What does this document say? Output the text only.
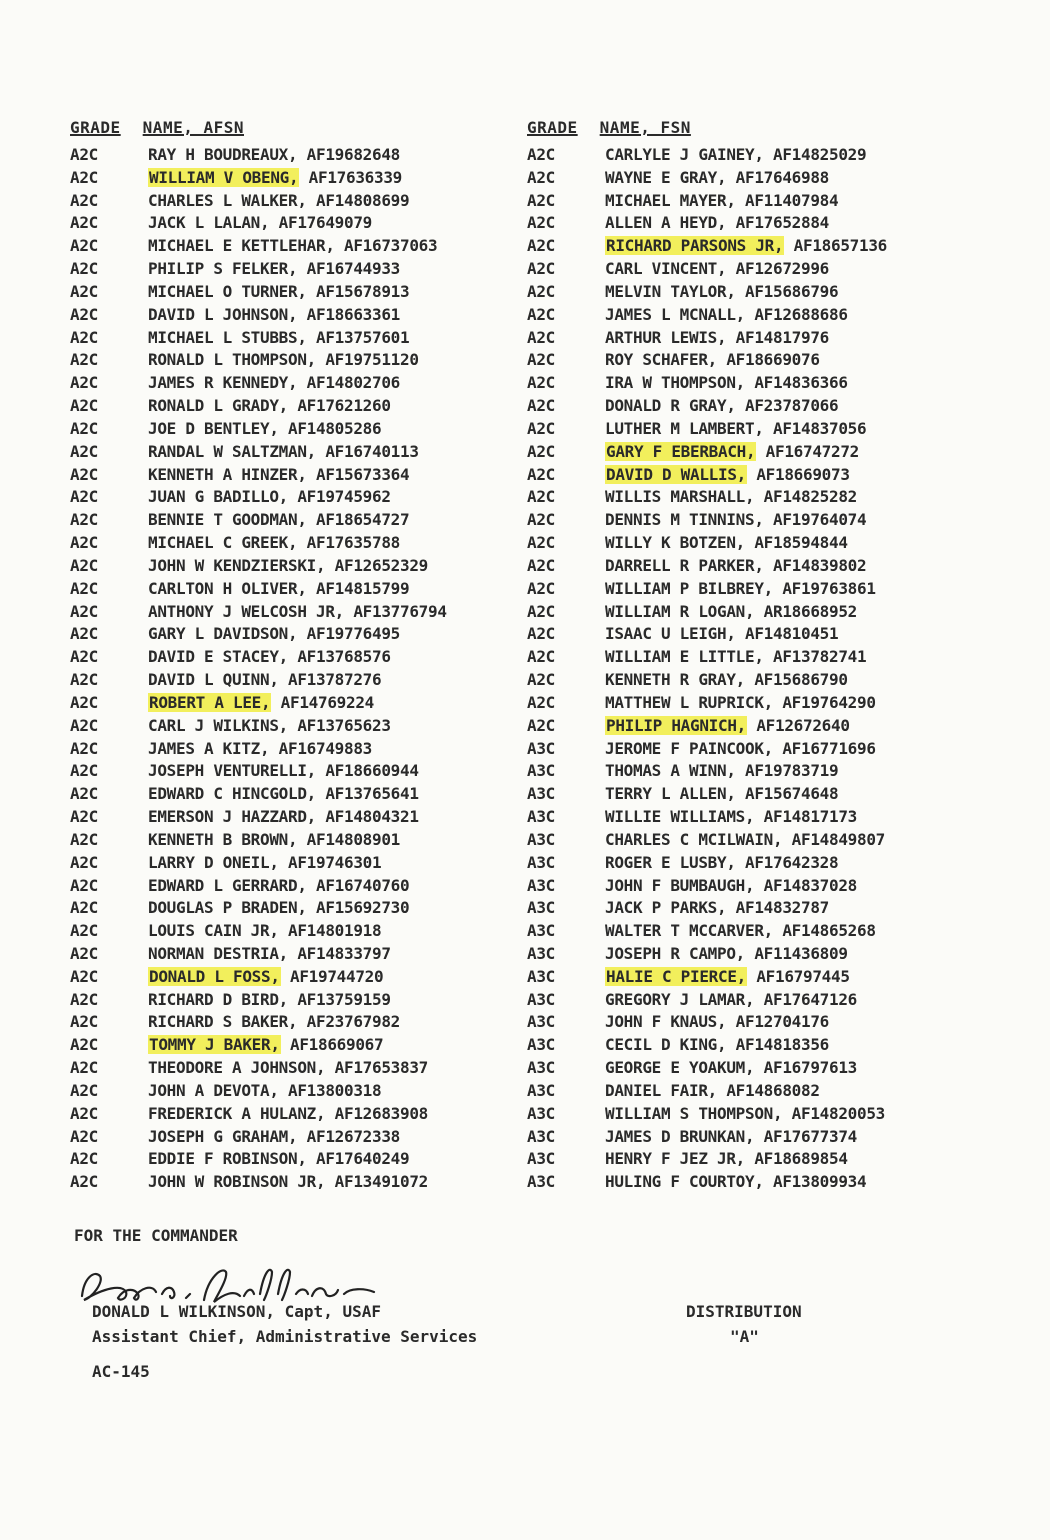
GRADE NAME, AFSN
A2C	RAY H BOUDREAUX, AF19682648
A2C	WILLIAM V OBENG, AF17636339
A2C	CHARLES L WALKER, AF14808699
A2C	JACK L LALAN, AF17649079
A2C	MICHAEL E KETTLEHAR, AF16737063
A2C	PHILIP S FELKER, AF16744933
A2C	MICHAEL O TURNER, AF15678913
A2C	DAVID L JOHNSON, AF18663361
A2C	MICHAEL L STUBBS, AF13757601
A2C	RONALD L THOMPSON, AF19751120
A2C	JAMES R KENNEDY, AF14802706
A2C	RONALD L GRADY, AF17621260
A2C	JOE D BENTLEY, AF14805286
A2C	RANDAL W SALTZMAN, AF16740113
A2C	KENNETH A HINZER, AF15673364
A2C	JUAN G BADILLO, AF19745962
A2C	BENNIE T GOODMAN, AF18654727
A2C	MICHAEL C GREEK, AF17635788
A2C	JOHN W KENDZIERSKI, AF12652329
A2C	CARLTON H OLIVER, AF14815799
A2C	ANTHONY J WELCOSH JR, AF13776794
A2C	GARY L DAVIDSON, AF19776495
A2C	DAVID E STACEY, AF13768576
A2C	DAVID L QUINN, AF13787276
A2C	ROBERT A LEE, AF14769224
A2C	CARL J WILKINS, AF13765623
A2C	JAMES A KITZ, AF16749883
A2C	JOSEPH VENTURELLI, AF18660944
A2C	EDWARD C HINCGOLD, AF13765641
A2C	EMERSON J HAZZARD, AF14804321
A2C	KENNETH B BROWN, AF14808901
A2C	LARRY D ONEIL, AF19746301
A2C	EDWARD L GERRARD, AF16740760
A2C	DOUGLAS P BRADEN, AF15692730
A2C	LOUIS CAIN JR, AF14801918
A2C	NORMAN DESTRIA, AF14833797
A2C	DONALD L FOSS, AF19744720
A2C	RICHARD D BIRD, AF13759159
A2C	RICHARD S BAKER, AF23767982
A2C	TOMMY J BAKER, AF18669067
A2C	THEODORE A JOHNSON, AF17653837
A2C	JOHN A DEVOTA, AF13800318
A2C	FREDERICK A HULANZ, AF12683908
A2C	JOSEPH G GRAHAM, AF12672338
A2C	EDDIE F ROBINSON, AF17640249
A2C	JOHN W ROBINSON JR, AF13491072
GRADE NAME, FSN
A2C	CARLYLE J GAINEY, AF14825029
A2C	WAYNE E GRAY, AF17646988
A2C	MICHAEL MAYER, AF11407984
A2C	ALLEN A HEYD, AF17652884
A2C	RICHARD PARSONS JR, AF18657136
A2C	CARL VINCENT, AF12672996
A2C	MELVIN TAYLOR, AF15686796
A2C	JAMES L MCNALL, AF12688686
A2C	ARTHUR LEWIS, AF14817976
A2C	ROY SCHAFER, AF18669076
A2C	IRA W THOMPSON, AF14836366
A2C	DONALD R GRAY, AF23787066
A2C	LUTHER M LAMBERT, AF14837056
A2C	GARY F EBERBACH, AF16747272
A2C	DAVID D WALLIS, AF18669073
A2C	WILLIS MARSHALL, AF14825282
A2C	DENNIS M TINNINS, AF19764074
A2C	WILLY K BOTZEN, AF18594844
A2C	DARRELL R PARKER, AF14839802
A2C	WILLIAM P BILBREY, AF19763861
A2C	WILLIAM R LOGAN, AR18668952
A2C	ISAAC U LEIGH, AF14810451
A2C	WILLIAM E LITTLE, AF13782741
A2C	KENNETH R GRAY, AF15686790
A2C	MATTHEW L RUPRICK, AF19764290
A2C	PHILIP HAGNICH, AF12672640
A3C	JEROME F PAINCOOK, AF16771696
A3C	THOMAS A WINN, AF19783719
A3C	TERRY L ALLEN, AF15674648
A3C	WILLIE WILLIAMS, AF14817173
A3C	CHARLES C MCILWAIN, AF14849807
A3C	ROGER E LUSBY, AF17642328
A3C	JOHN F BUMBAUGH, AF14837028
A3C	JACK P PARKS, AF14832787
A3C	WALTER T MCCARVER, AF14865268
A3C	JOSEPH R CAMPO, AF11436809
A3C	HALIE C PIERCE, AF16797445
A3C	GREGORY J LAMAR, AF17647126
A3C	JOHN F KNAUS, AF12704176
A3C	CECIL D KING, AF14818356
A3C	GEORGE E YOAKUM, AF16797613
A3C	DANIEL FAIR, AF14868082
A3C	WILLIAM S THOMPSON, AF14820053
A3C	JAMES D BRUNKAN, AF17677374
A3C	HENRY F JEZ JR, AF18689854
A3C	HULING F COURTOY, AF13809934
FOR THE COMMANDER
DONALD L WILKINSON, Capt, USAF
Assistant Chief, Administrative Services
AC-145
DISTRIBUTION
"A"
